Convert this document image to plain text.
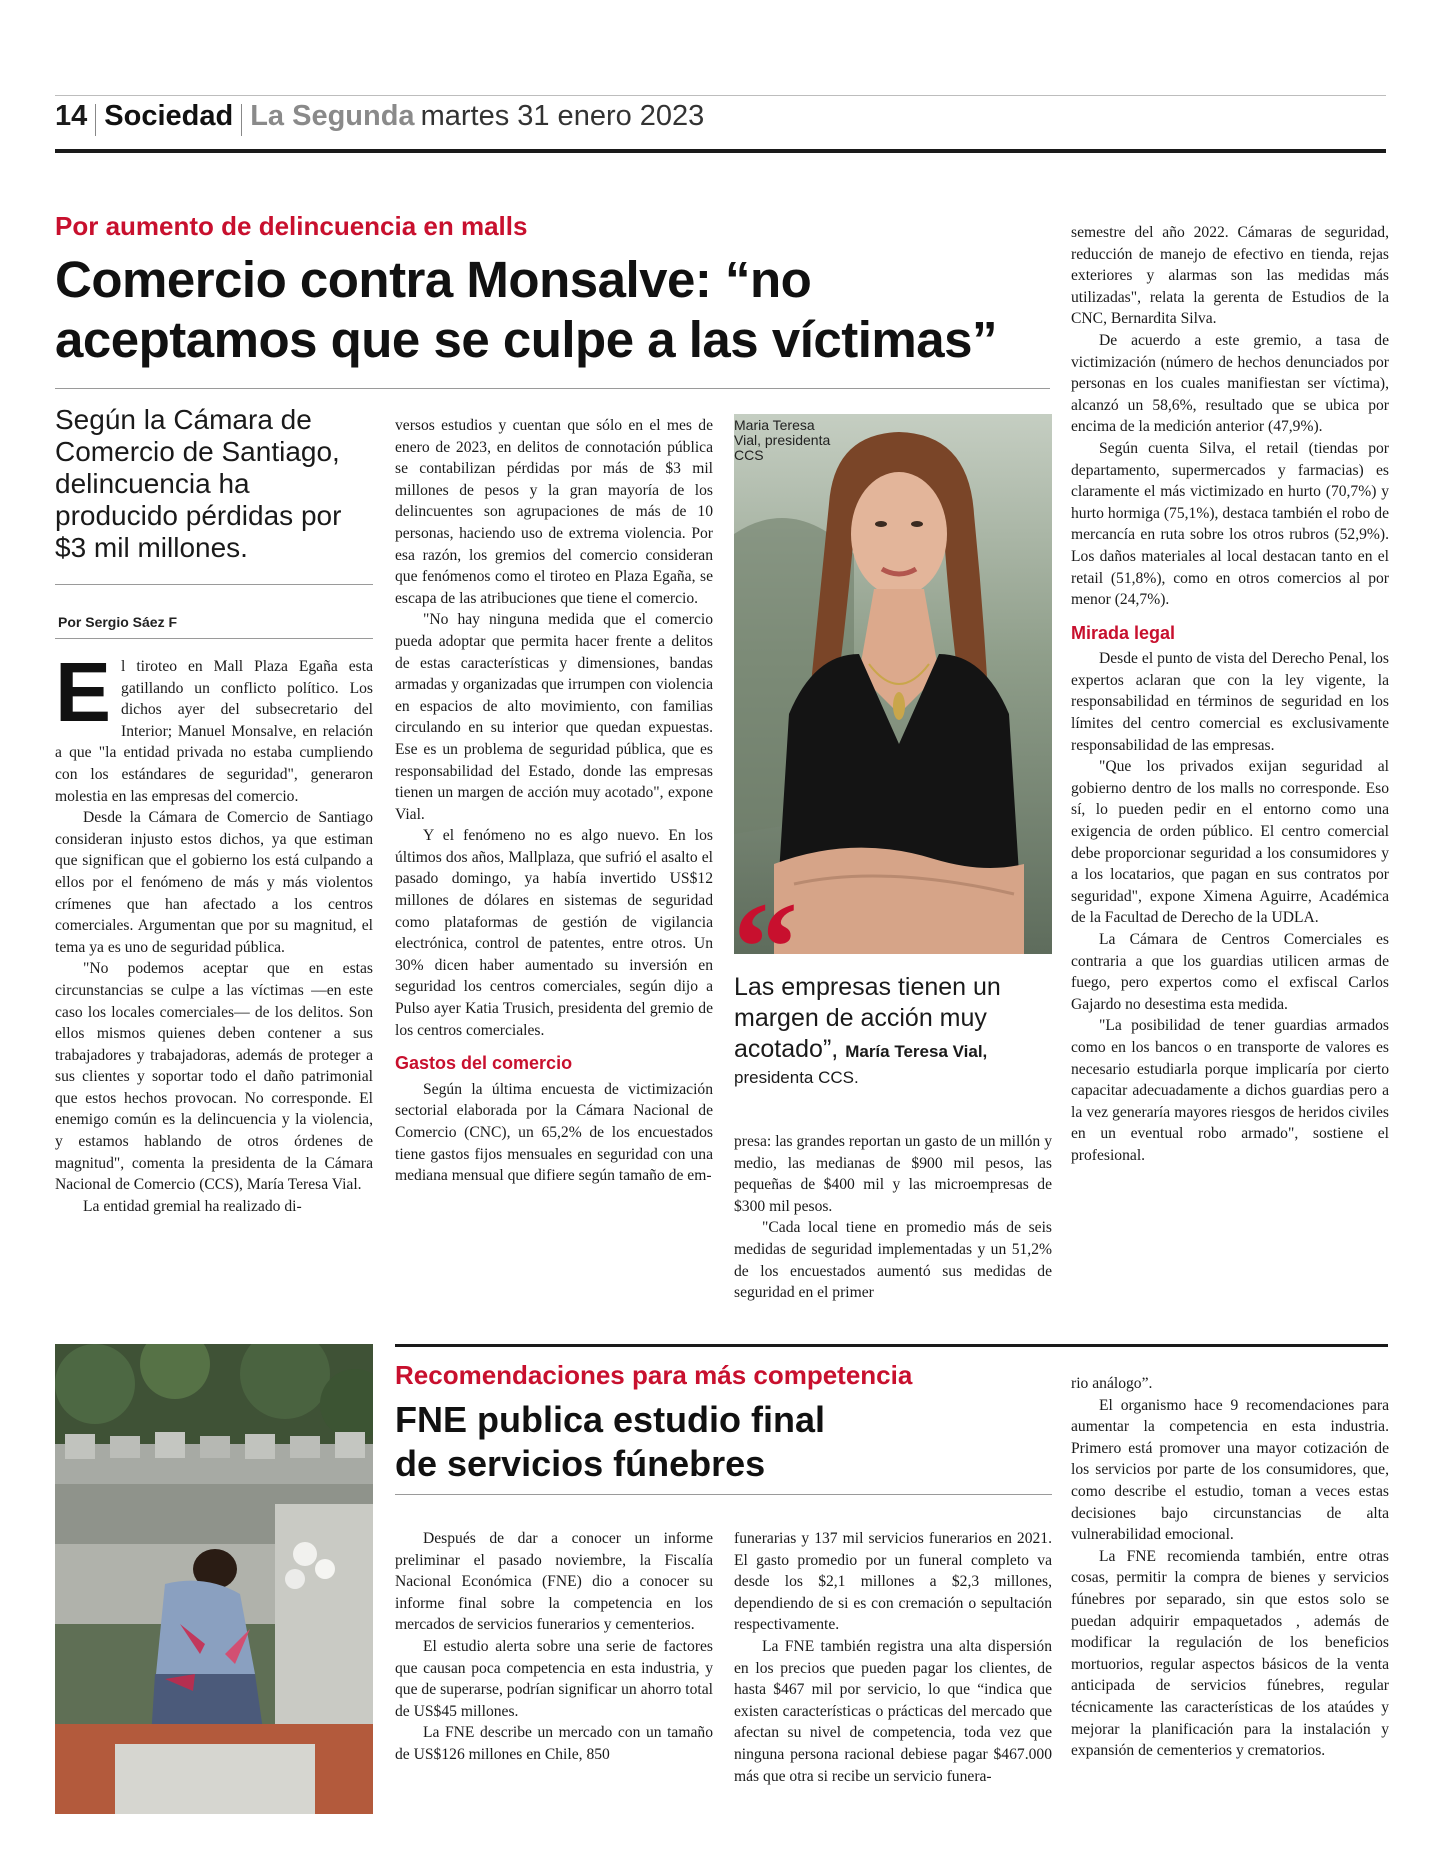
14 Sociedad La Segunda martes 31 enero 2023
Por aumento de delincuencia en malls
Comercio contra Monsalve: “no
aceptamos que se culpe a las víctimas”
Según la Cámara de Comercio de Santiago, delincuencia ha producido pérdidas por $3 mil millones.
Por Sergio Sáez F

El tiroteo en Mall Plaza Egaña esta gatillando un conflicto político. Los dichos ayer del subsecretario del Interior; Manuel Monsalve, en relación a que "la entidad privada no estaba cumpliendo con los estándares de seguridad", generaron molestia en las empresas del comercio.

Desde la Cámara de Comercio de Santiago consideran injusto estos dichos, ya que estiman que significan que el gobierno los está culpando a ellos por el fenómeno de más y más violentos crímenes que han afectado a los centros comerciales. Argumentan que por su magnitud, el tema ya es uno de seguridad pública.

"No podemos aceptar que en estas circunstancias se culpe a las víctimas —en este caso los locales comerciales— de los delitos. Son ellos mismos quienes deben contener a sus trabajadores y trabajadoras, además de proteger a sus clientes y soportar todo el daño patrimonial que estos hechos provocan. No corresponde. El enemigo común es la delincuencia y la violencia, y estamos hablando de otros órdenes de magnitud", comenta la presidenta de la Cámara Nacional de Comercio (CCS), María Teresa Vial.

La entidad gremial ha realizado di-

versos estudios y cuentan que sólo en el mes de enero de 2023, en delitos de connotación pública se contabilizan pérdidas por más de $3 mil millones de pesos y la gran mayoría de los delincuentes son agrupaciones de más de 10 personas, haciendo uso de extrema violencia. Por esa razón, los gremios del comercio consideran que fenómenos como el tiroteo en Plaza Egaña, se escapa de las atribuciones que tiene el comercio.

"No hay ninguna medida que el comercio pueda adoptar que permita hacer frente a delitos de estas características y dimensiones, bandas armadas y organizadas que irrumpen con violencia en espacios de alto movimiento, con familias circulando en su interior que quedan expuestas. Ese es un problema de seguridad pública, que es responsabilidad del Estado, donde las empresas tienen un margen de acción muy acotado", expone Vial.

Y el fenómeno no es algo nuevo. En los últimos dos años, Mallplaza, que sufrió el asalto el pasado domingo, ya había invertido US$12 millones de dólares en sistemas de seguridad como plataformas de gestión de vigilancia electrónica, control de patentes, entre otros. Un 30% dicen haber aumentado su inversión en seguridad los centros comerciales, según dijo a Pulso ayer Katia Trusich, presidenta del gremio de los centros comerciales.

Gastos del comercio

Según la última encuesta de victimización sectorial elaborada por la Cámara Nacional de Comercio (CNC), un 65,2% de los encuestados tiene gastos fijos mensuales en seguridad con una mediana mensual que difiere según tamaño de em-

Maria Teresa
Vial, presidenta
CCS
“
Las empresas tienen un margen de acción muy acotado”, María Teresa Vial,
presidenta CCS.

presa: las grandes reportan un gasto de un millón y medio, las medianas de $900 mil pesos, las pequeñas de $400 mil y las microempresas de $300 mil pesos.

"Cada local tiene en promedio más de seis medidas de seguridad implementadas y un 51,2% de los encuestados aumentó sus medidas de seguridad en el primer

semestre del año 2022. Cámaras de seguridad, reducción de manejo de efectivo en tienda, rejas exteriores y alarmas son las medidas más utilizadas", relata la gerenta de Estudios de la CNC, Bernardita Silva.

De acuerdo a este gremio, a tasa de victimización (número de hechos denunciados por personas en los cuales manifiestan ser víctima), alcanzó un 58,6%, resultado que se ubica por encima de la medición anterior (47,9%).

Según cuenta Silva, el retail (tiendas por departamento, supermercados y farmacias) es claramente el más victimizado en hurto (70,7%) y hurto hormiga (75,1%), destaca también el robo de mercancía en ruta sobre los otros rubros (52,9%). Los daños materiales al local destacan tanto en el retail (51,8%), como en otros comercios al por menor (24,7%).

Mirada legal

Desde el punto de vista del Derecho Penal, los expertos aclaran que con la ley vigente, la responsabilidad en términos de seguridad en los límites del centro comercial es exclusivamente responsabilidad de las empresas.

"Que los privados exijan seguridad al gobierno dentro de los malls no corresponde. Eso sí, lo pueden pedir en el entorno como una exigencia de orden público. El centro comercial debe proporcionar seguridad a los consumidores y a los locatarios, que pagan en sus contratos por seguridad", expone Ximena Aguirre, Académica de la Facultad de Derecho de la UDLA.

La Cámara de Centros Comerciales es contraria a que los guardias utilicen armas de fuego, pero expertos como el exfiscal Carlos Gajardo no desestima esta medida.

"La posibilidad de tener guardias armados como en los bancos o en transporte de valores es necesario estudiarla porque implicaría por cierto capacitar adecuadamente a dichos guardias pero a la vez generaría mayores riesgos de heridos civiles en un eventual robo armado", sostiene el profesional.

Recomendaciones para más competencia
FNE publica estudio final
de servicios fúnebres

Después de dar a conocer un informe preliminar el pasado noviembre, la Fiscalía Nacional Económica (FNE) dio a conocer su informe final sobre la competencia en los mercados de servicios funerarios y cementerios.

El estudio alerta sobre una serie de factores que causan poca competencia en esta industria, y que de superarse, podrían significar un ahorro total de US$45 millones.

La FNE describe un mercado con un tamaño de US$126 millones en Chile, 850

funerarias y 137 mil servicios funerarios en 2021. El gasto promedio por un funeral completo va desde los $2,1 millones a $2,3 millones, dependiendo de si es con cremación o sepultación respectivamente.

La FNE también registra una alta dispersión en los precios que pueden pagar los clientes, de hasta $467 mil por servicio, lo que “indica que existen características o prácticas del mercado que afectan su nivel de competencia, toda vez que ninguna persona racional debiese pagar $467.000 más que otra si recibe un servicio funera-

rio análogo”.

El organismo hace 9 recomendaciones para aumentar la competencia en esta industria. Primero está promover una mayor cotización de los servicios por parte de los consumidores, que, como describe el estudio, toman a veces estas decisiones bajo circunstancias de alta vulnerabilidad emocional.

La FNE recomienda también, entre otras cosas, permitir la compra de bienes y servicios fúnebres por separado, sin que estos solo se puedan adquirir empaquetados , además de modificar la regulación de los beneficios mortuorios, regular aspectos básicos de la venta anticipada de servicios fúnebres, regular técnicamente las características de los ataúdes y mejorar la planificación para la instalación y expansión de cementerios y crematorios.
